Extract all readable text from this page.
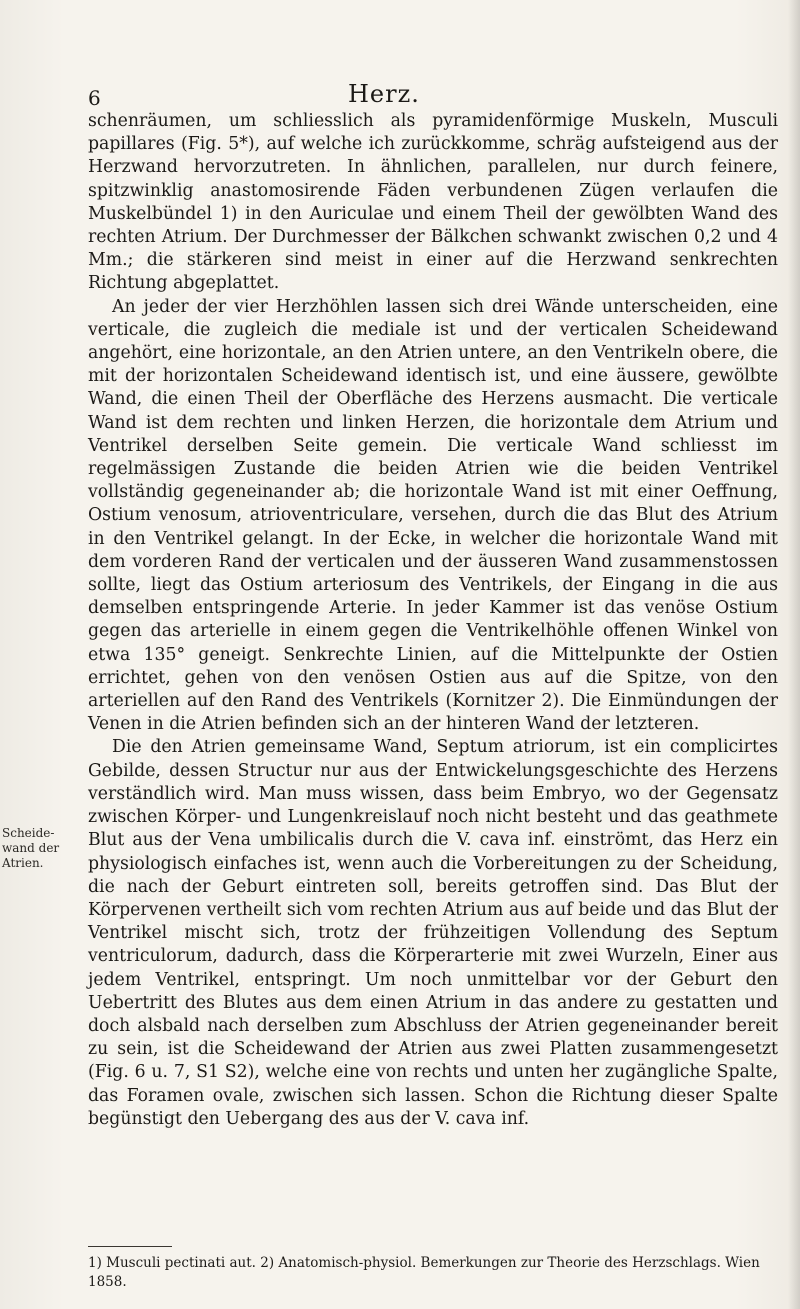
6	Herz.
Scheide-wand der Atrien.

schenräumen, um schliesslich als pyramidenförmige Muskeln, Musculi papillares (Fig. 5*), auf welche ich zurückkomme, schräg aufsteigend aus der Herzwand hervorzutreten. In ähnlichen, parallelen, nur durch feinere, spitzwinklig anastomosirende Fäden verbundenen Zügen verlaufen die Muskelbündel 1) in den Auriculae und einem Theil der gewölbten Wand des rechten Atrium. Der Durchmesser der Bälkchen schwankt zwischen 0,2 und 4 Mm.; die stärkeren sind meist in einer auf die Herzwand senkrechten Richtung abgeplattet.

An jeder der vier Herzhöhlen lassen sich drei Wände unterscheiden, eine verticale, die zugleich die mediale ist und der verticalen Scheidewand angehört, eine horizontale, an den Atrien untere, an den Ventrikeln obere, die mit der horizontalen Scheidewand identisch ist, und eine äussere, gewölbte Wand, die einen Theil der Oberfläche des Herzens ausmacht. Die verticale Wand ist dem rechten und linken Herzen, die horizontale dem Atrium und Ventrikel derselben Seite gemein. Die verticale Wand schliesst im regelmässigen Zustande die beiden Atrien wie die beiden Ventrikel vollständig gegeneinander ab; die horizontale Wand ist mit einer Oeffnung, Ostium venosum, atrioventriculare, versehen, durch die das Blut des Atrium in den Ventrikel gelangt. In der Ecke, in welcher die horizontale Wand mit dem vorderen Rand der verticalen und der äusseren Wand zusammenstossen sollte, liegt das Ostium arteriosum des Ventrikels, der Eingang in die aus demselben entspringende Arterie. In jeder Kammer ist das venöse Ostium gegen das arterielle in einem gegen die Ventrikelhöhle offenen Winkel von etwa 135° geneigt. Senkrechte Linien, auf die Mittelpunkte der Ostien errichtet, gehen von den venösen Ostien aus auf die Spitze, von den arteriellen auf den Rand des Ventrikels (Kornitzer 2). Die Einmündungen der Venen in die Atrien befinden sich an der hinteren Wand der letzteren.

Die den Atrien gemeinsame Wand, Septum atriorum, ist ein complicirtes Gebilde, dessen Structur nur aus der Entwickelungsgeschichte des Herzens verständlich wird. Man muss wissen, dass beim Embryo, wo der Gegensatz zwischen Körper- und Lungenkreislauf noch nicht besteht und das geathmete Blut aus der Vena umbilicalis durch die V. cava inf. einströmt, das Herz ein physiologisch einfaches ist, wenn auch die Vorbereitungen zu der Scheidung, die nach der Geburt eintreten soll, bereits getroffen sind. Das Blut der Körpervenen vertheilt sich vom rechten Atrium aus auf beide und das Blut der Ventrikel mischt sich, trotz der frühzeitigen Vollendung des Septum ventriculorum, dadurch, dass die Körperarterie mit zwei Wurzeln, Einer aus jedem Ventrikel, entspringt. Um noch unmittelbar vor der Geburt den Uebertritt des Blutes aus dem einen Atrium in das andere zu gestatten und doch alsbald nach derselben zum Abschluss der Atrien gegeneinander bereit zu sein, ist die Scheidewand der Atrien aus zwei Platten zusammengesetzt (Fig. 6 u. 7, S1 S2), welche eine von rechts und unten her zugängliche Spalte, das Foramen ovale, zwischen sich lassen. Schon die Richtung dieser Spalte begünstigt den Uebergang des aus der V. cava inf.

1) Musculi pectinati aut. 2) Anatomisch-physiol. Bemerkungen zur Theorie des Herzschlags. Wien 1858.
